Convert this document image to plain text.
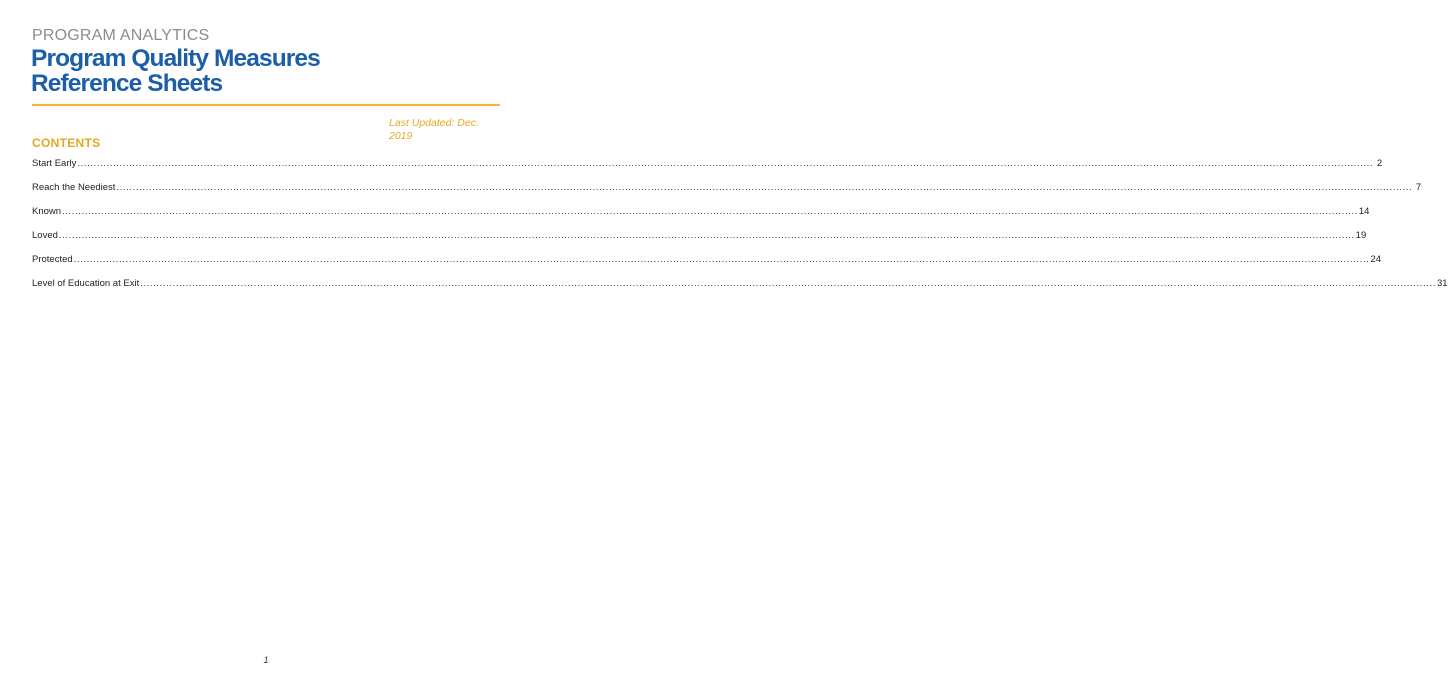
PROGRAM ANALYTICS
Program Quality Measures
Reference Sheets
Last Updated: Dec.
2019
CONTENTS
Start Early ................................................................................................................................................................................................................................................................................................................................................................................................................ 2
Reach the Neediest ................................................................................................................................................................................................................................................................................................................................................................................................................ 7
Known ................................................................................................................................................................................................................................................................................................................................................................................................................ 14
Loved ................................................................................................................................................................................................................................................................................................................................................................................................................ 19
Protected ................................................................................................................................................................................................................................................................................................................................................................................................................ 24
Level of Education at Exit ................................................................................................................................................................................................................................................................................................................................................................................................................ 31
1
